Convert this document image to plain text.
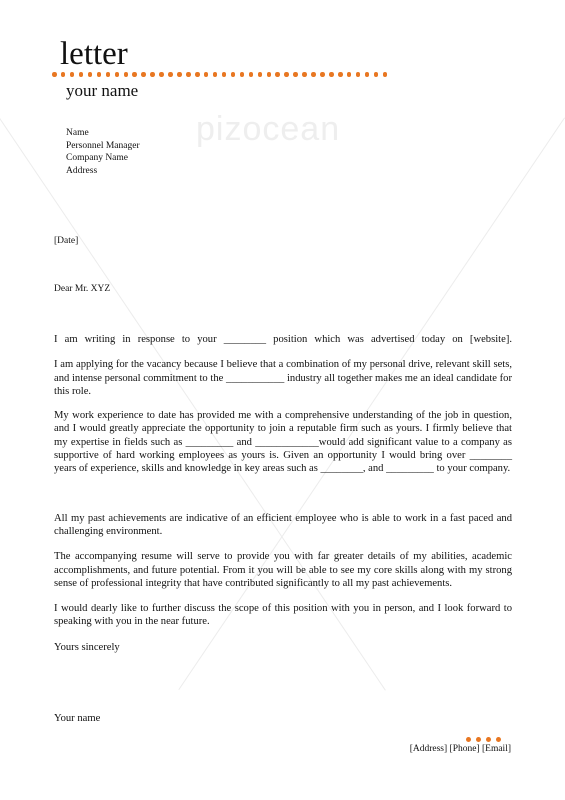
pizocean
letter
your name
Name
Personnel Manager
Company Name
Address
[Date]
Dear Mr. XYZ

I am writing in response to your ________ position which was advertised today on [website].

I am applying for the vacancy because I believe that a combination of my personal drive, relevant skill sets, and intense personal commitment to the ___________ industry all together makes me an ideal candidate for this role.

My work experience to date has provided me with a comprehensive understanding of the job in question, and I would greatly appreciate the opportunity to join a reputable firm such as yours. I firmly believe that my expertise in fields such as _________ and ____________would add significant value to a company as supportive of hard working employees as yours is. Given an opportunity I would bring over ________ years of experience, skills and knowledge in key areas such as ________, and _________ to your company.

All my past achievements are indicative of an efficient employee who is able to work in a fast paced and challenging environment.

The accompanying resume will serve to provide you with far greater details of my abilities, academic accomplishments, and future potential. From it you will be able to see my core skills along with my strong sense of professional integrity that have contributed significantly to all my past achievements.

I would dearly like to further discuss the scope of this position with you in person, and I look forward to speaking with you in the near future.

Yours sincerely

Your name
[Address] [Phone] [Email]
